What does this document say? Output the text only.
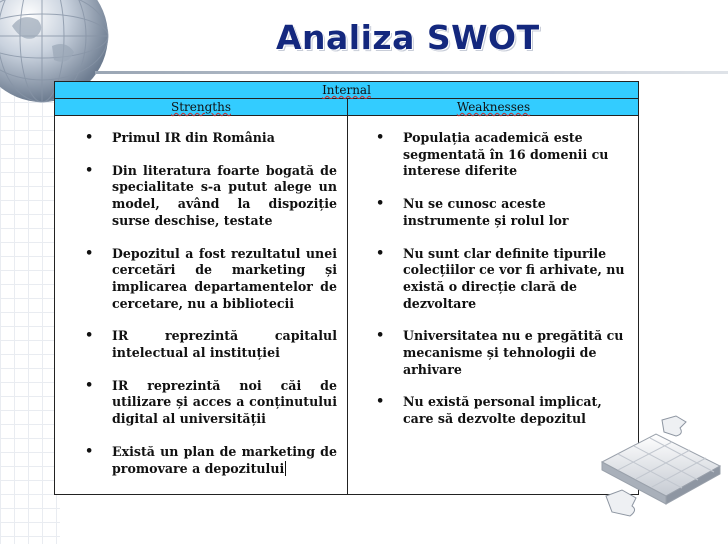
Analiza SWOT
Internal
Strengths	Weaknesses
• Primul IR din România
• Din literatura foarte bogată de specialitate s-a putut alege un model, având la dispoziție surse deschise, testate
• Depozitul a fost rezultatul unei cercetări de marketing și implicarea departamentelor de cercetare, nu a bibliotecii
• IR reprezintă capitalul intelectual al instituției
• IR reprezintă noi căi de utilizare și acces a conținutului digital al universității
• Există un plan de marketing de promovare a depozitului
• Populația academică este segmentată în 16 domenii cu interese diferite
• Nu se cunosc aceste instrumente și rolul lor
• Nu sunt clar definite tipurile colecțiilor ce vor fi arhivate, nu există o direcție clară de dezvoltare
• Universitatea nu e pregătită cu mecanisme și tehnologii de arhivare
• Nu există personal implicat, care să dezvolte depozitul
